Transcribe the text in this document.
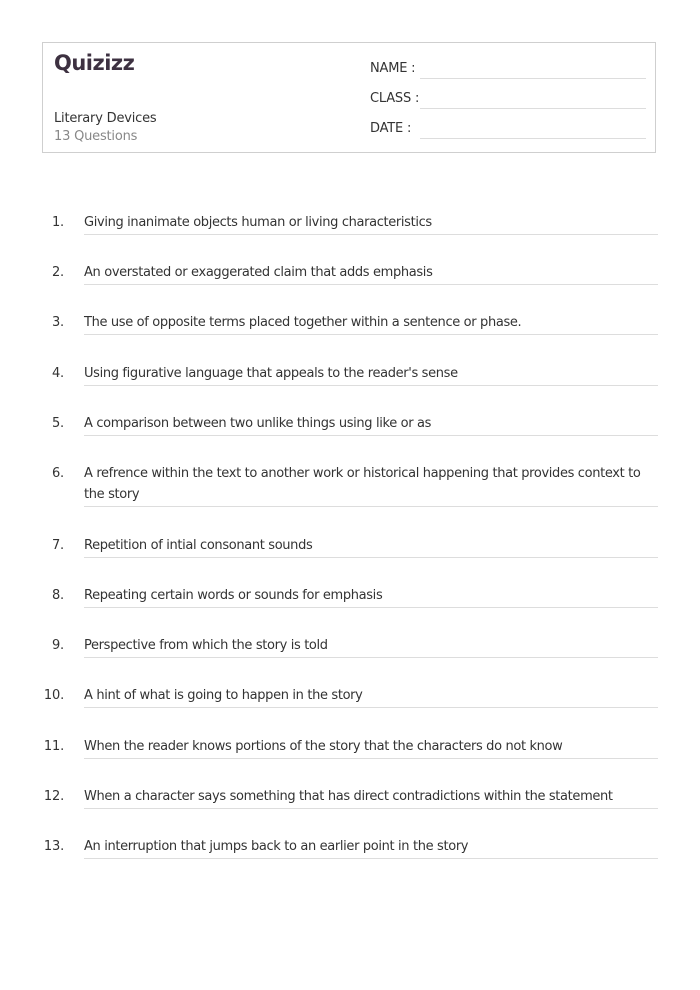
Quizizz
Literary Devices
13 Questions
NAME :
CLASS :
DATE :
1. Giving inanimate objects human or living characteristics
2. An overstated or exaggerated claim that adds emphasis
3. The use of opposite terms placed together within a sentence or phase.
4. Using figurative language that appeals to the reader's sense
5. A comparison between two unlike things using like or as
6. A refrence within the text to another work or historical happening that provides context to the story
7. Repetition of intial consonant sounds
8. Repeating certain words or sounds for emphasis
9. Perspective from which the story is told
10. A hint of what is going to happen in the story
11. When the reader knows portions of the story that the characters do not know
12. When a character says something that has direct contradictions within the statement
13. An interruption that jumps back to an earlier point in the story
